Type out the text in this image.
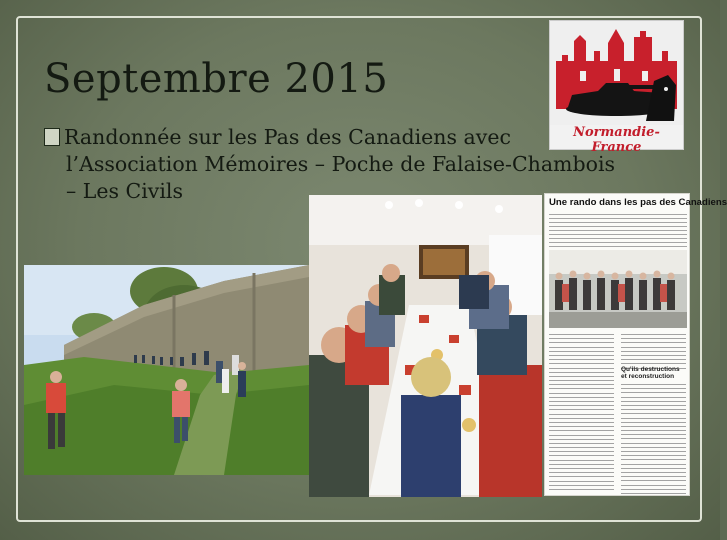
Septembre 2015

Randonnée sur les Pas des Canadiens avec
l’Association Mémoires – Poche de Falaise-Chambois
– Les Civils

Normandie-France
Une rando dans les pas des Canadiens
Qu'ils destructions
et reconstruction
